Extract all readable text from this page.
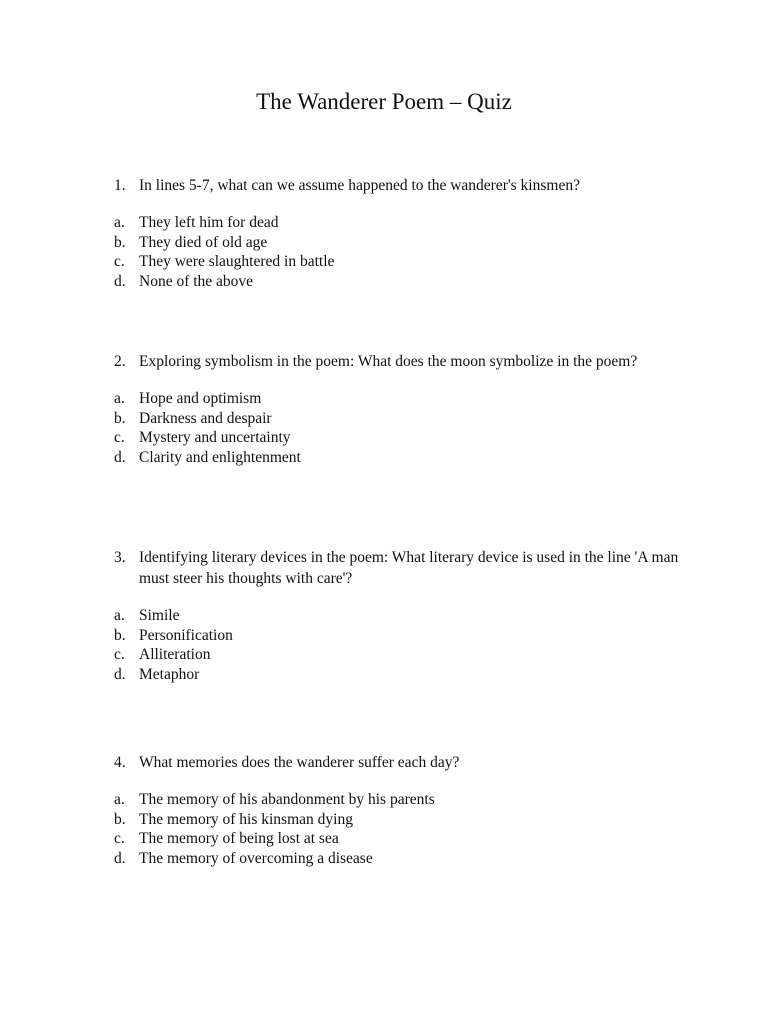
The Wanderer Poem – Quiz
1. In lines 5-7, what can we assume happened to the wanderer's kinsmen?
a. They left him for dead
b. They died of old age
c. They were slaughtered in battle
d. None of the above
2. Exploring symbolism in the poem: What does the moon symbolize in the poem?
a. Hope and optimism
b. Darkness and despair
c. Mystery and uncertainty
d. Clarity and enlightenment
3. Identifying literary devices in the poem: What literary device is used in the line 'A man must steer his thoughts with care'?
a. Simile
b. Personification
c. Alliteration
d. Metaphor
4. What memories does the wanderer suffer each day?
a. The memory of his abandonment by his parents
b. The memory of his kinsman dying
c. The memory of being lost at sea
d. The memory of overcoming a disease
